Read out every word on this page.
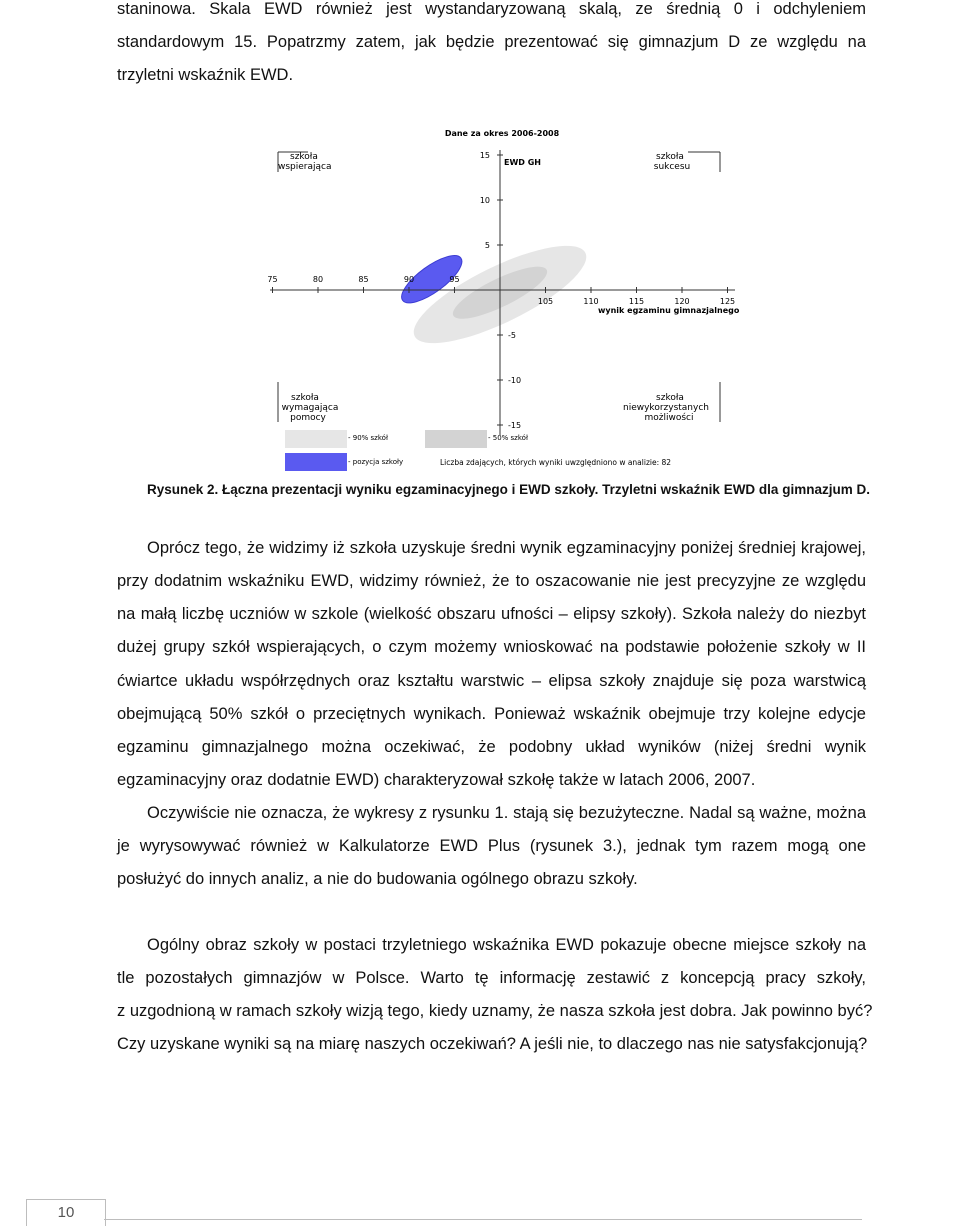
staninowa. Skala EWD również jest wystandaryzowaną skalą, ze średnią 0 i odchyleniem
standardowym 15. Popatrzmy zatem, jak będzie prezentować się gimnazjum D ze względu na
trzyletni wskaźnik EWD.
75	80	85	90	95
105	110	115	120	125
15
10
5
-5
-10
-15
Dane za okres 2006-2008
EWD GH
wynik egzaminu gimnazjalnego
szkoła
wspierająca
szkoła
sukcesu
szkoła
wymagająca
pomocy
szkoła
niewykorzystanych
możliwości
- 90% szkół	- 50% szkół
- pozycja szkoły	Liczba zdających, których wyniki uwzględniono w analizie: 82
Rysunek 2. Łączna prezentacji wyniku egzaminacyjnego i EWD szkoły. Trzyletni wskaźnik EWD dla gimnazjum D.
Oprócz tego, że widzimy iż szkoła uzyskuje średni wynik egzaminacyjny poniżej średniej krajowej,
przy dodatnim wskaźniku EWD, widzimy również, że to oszacowanie nie jest precyzyjne ze względu
na małą liczbę uczniów w szkole (wielkość obszaru ufności – elipsy szkoły). Szkoła należy do niezbyt
dużej grupy szkół wspierających, o czym możemy wnioskować na podstawie położenie szkoły w II
ćwiartce układu współrzędnych oraz kształtu warstwic – elipsa szkoły znajduje się poza warstwicą
obejmującą 50% szkół o przeciętnych wynikach. Ponieważ wskaźnik obejmuje trzy kolejne edycje
egzaminu gimnazjalnego można oczekiwać, że podobny układ wyników (niżej średni wynik
egzaminacyjny oraz dodatnie EWD) charakteryzował szkołę także w latach 2006, 2007.
Oczywiście nie oznacza, że wykresy z rysunku 1. stają się bezużyteczne. Nadal są ważne, można
je wyrysowywać również w Kalkulatorze EWD Plus (rysunek 3.), jednak tym razem mogą one
posłużyć do innych analiz, a nie do budowania ogólnego obrazu szkoły.
Ogólny obraz szkoły w postaci trzyletniego wskaźnika EWD pokazuje obecne miejsce szkoły na
tle pozostałych gimnazjów w Polsce. Warto tę informację zestawić z koncepcją pracy szkoły,
z uzgodnioną w ramach szkoły wizją tego, kiedy uznamy, że nasza szkoła jest dobra. Jak powinno być?
Czy uzyskane wyniki są na miarę naszych oczekiwań? A jeśli nie, to dlaczego nas nie satysfakcjonują?
10
